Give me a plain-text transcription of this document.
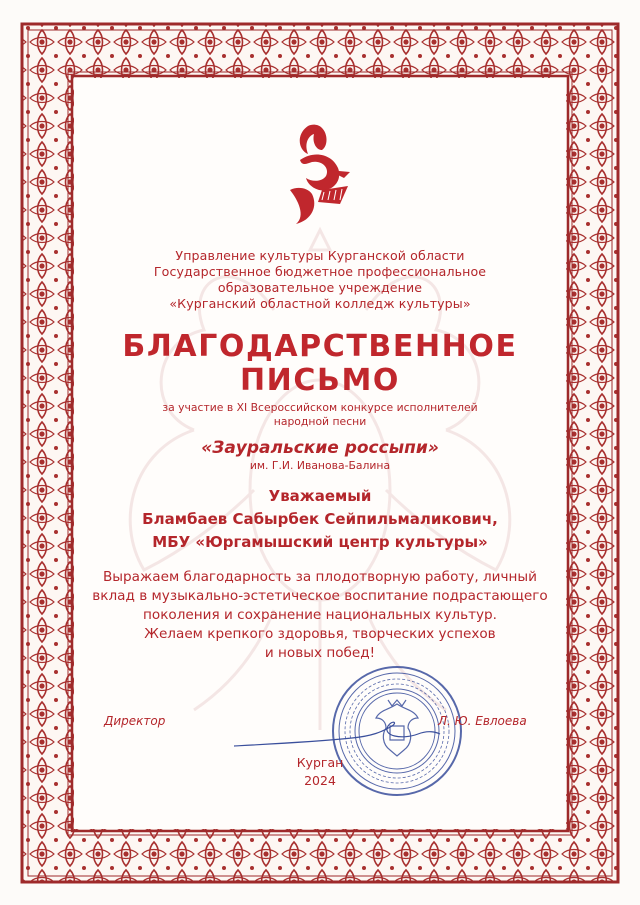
Управление культуры Курганской области
Государственное бюджетное профессиональное
образовательное учреждение
«Курганский областной колледж культуры»
БЛАГОДАРСТВЕННОЕ
ПИСЬМО
за участие в XI Всероссийском конкурсе исполнителей
народной песни
«Зауральские россыпи»
им. Г.И. Иванова-Балина
Уважаемый
Бламбаев Сабырбек Сейпильмаликович,
МБУ «Юргамышский центр культуры»
Выражаем благодарность за плодотворную работу, личный
вклад в музыкально-эстетическое воспитание подрастающего
поколения и сохранение национальных культур.
Желаем крепкого здоровья, творческих успехов
и новых побед!
Директор	Л. Ю. Евлоева
Курган
2024
